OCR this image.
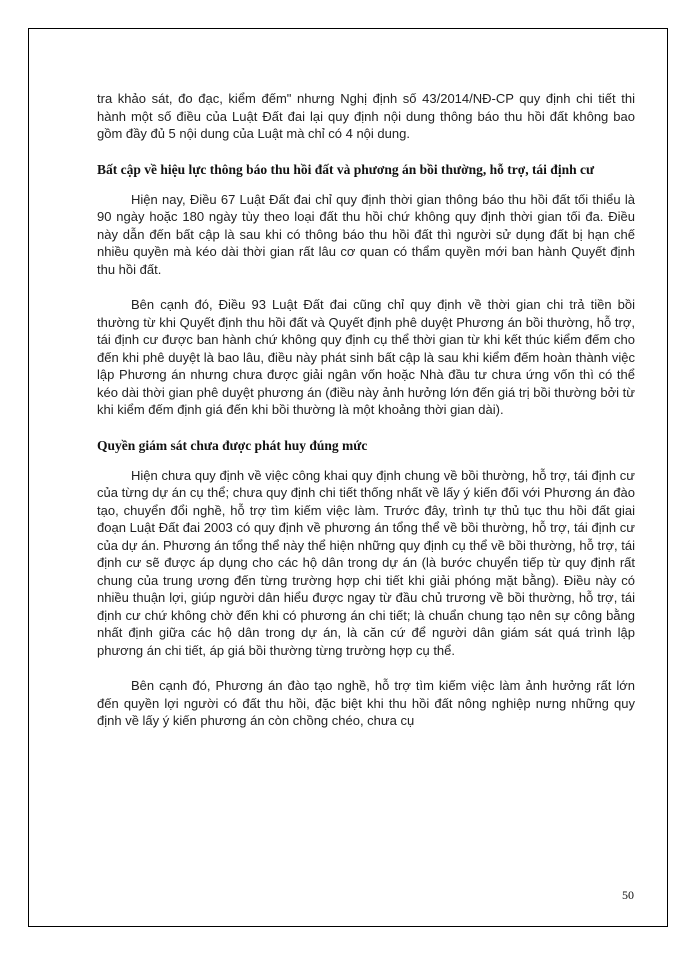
tra khảo sát, đo đạc, kiểm đếm" nhưng Nghị định số 43/2014/NĐ-CP quy định chi tiết thi hành một số điều của Luật Đất đai lại quy định nội dung thông báo thu hồi đất không bao gồm đầy đủ 5 nội dung của Luật mà chỉ có 4 nội dung.

Bất cập về hiệu lực thông báo thu hồi đất và phương án bồi thường, hỗ trợ, tái định cư

Hiện nay, Điều 67 Luật Đất đai chỉ quy định thời gian thông báo thu hồi đất tối thiểu là 90 ngày hoặc 180 ngày tùy theo loại đất thu hồi chứ không quy định thời gian tối đa. Điều này dẫn đến bất cập là sau khi có thông báo thu hồi đất thì người sử dụng đất bị hạn chế nhiều quyền mà kéo dài thời gian rất lâu cơ quan có thẩm quyền mới ban hành Quyết định thu hồi đất.

Bên cạnh đó, Điều 93 Luật Đất đai cũng chỉ quy định về thời gian chi trả tiền bồi thường từ khi Quyết định thu hồi đất và Quyết định phê duyệt Phương án bồi thường, hỗ trợ, tái định cư được ban hành chứ không quy định cụ thể thời gian từ khi kết thúc kiểm đếm cho đến khi phê duyệt là bao lâu, điều này phát sinh bất cập là sau khi kiểm đếm hoàn thành việc lập Phương án nhưng chưa được giải ngân vốn hoặc Nhà đầu tư chưa ứng vốn thì có thể kéo dài thời gian phê duyệt phương án (điều này ảnh hưởng lớn đến giá trị bồi thường bởi từ khi kiểm đếm định giá đến khi bồi thường là một khoảng thời gian dài).

Quyền giám sát chưa được phát huy đúng mức

Hiện chưa quy định về việc công khai quy định chung về bồi thường, hỗ trợ, tái định cư của từng dự án cụ thể; chưa quy định chi tiết thống nhất về lấy ý kiến đối với Phương án đào tạo, chuyển đổi nghề, hỗ trợ tìm kiếm việc làm. Trước đây, trình tự thủ tục thu hồi đất giai đoạn Luật Đất đai 2003 có quy định về phương án tổng thể về bồi thường, hỗ trợ, tái định cư của dự án. Phương án tổng thể này thể hiện những quy định cụ thể về bồi thường, hỗ trợ, tái định cư sẽ được áp dụng cho các hộ dân trong dự án (là bước chuyển tiếp từ quy định rất chung của trung ương đến từng trường hợp chi tiết khi giải phóng mặt bằng). Điều này có nhiều thuận lợi, giúp người dân hiểu được ngay từ đầu chủ trương về bồi thường, hỗ trợ, tái định cư chứ không chờ đến khi có phương án chi tiết; là chuẩn chung tạo nên sự công bằng nhất định giữa các hộ dân trong dự án, là căn cứ để người dân giám sát quá trình lập phương án chi tiết, áp giá bồi thường từng trường hợp cụ thể.

Bên cạnh đó, Phương án đào tạo nghề, hỗ trợ tìm kiếm việc làm ảnh hưởng rất lớn đến quyền lợi người có đất thu hồi, đặc biệt khi thu hồi đất nông nghiệp nưng những quy định về lấy ý kiến phương án còn chồng chéo, chưa cụ

50
